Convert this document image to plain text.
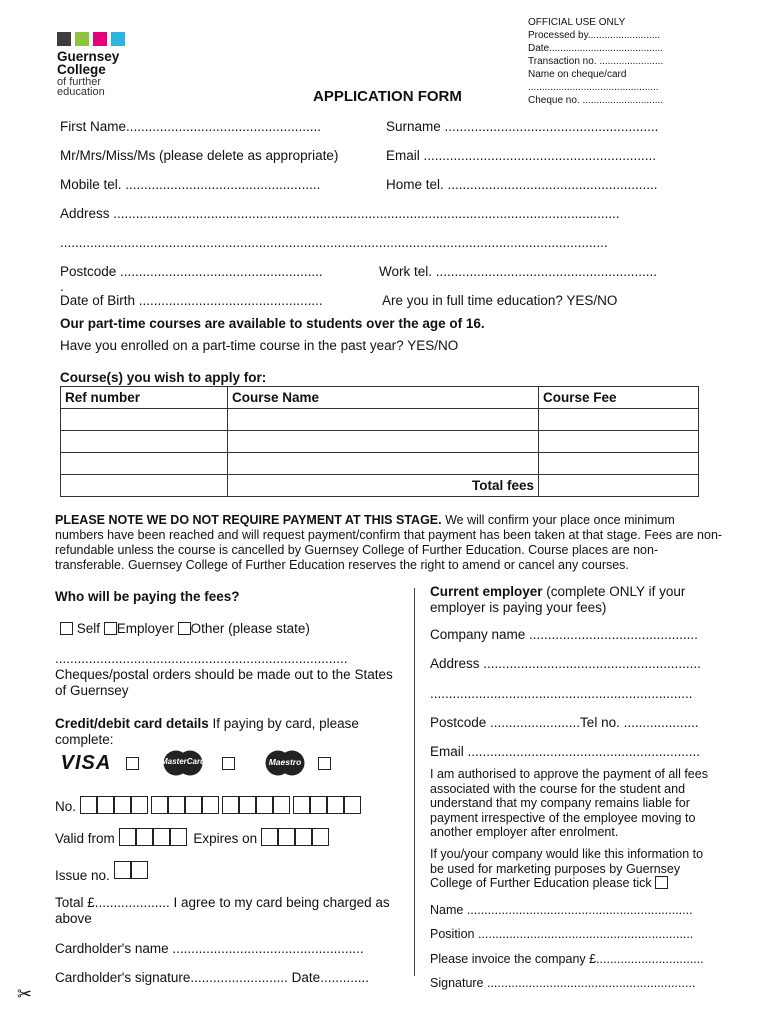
Guernsey
College
of further
education
OFFICIAL USE ONLY
Processed by..........................
Date.........................................
Transaction no. .......................
Name on cheque/card
...............................................
Cheque no. .............................
APPLICATION FORM
First Name....................................................	Surname .........................................................
Mr/Mrs/Miss/Ms (please delete as appropriate)	Email ..............................................................
Mobile tel. ....................................................	Home tel. ........................................................
Address .......................................................................................................................................
..................................................................................................................................................
Postcode ......................................................	Work tel. ...........................................................
.
Date of Birth .................................................	Are you in full time education? YES/NO
Our part-time courses are available to students over the age of 16.
Have you enrolled on a part-time course in the past year? YES/NO
Course(s) you wish to apply for:
Ref number	Course Name	Course Fee

	Total fees	
PLEASE NOTE WE DO NOT REQUIRE PAYMENT AT THIS STAGE. We will confirm your place once minimum numbers have been reached and will request payment/confirm that payment has been taken at that stage. Fees are non-refundable unless the course is cancelled by Guernsey College of Further Education. Course places are non-transferable. Guernsey College of Further Education reserves the right to amend or cancel any courses.
Who will be paying the fees?
Self Employer Other (please state)
..............................................................................
Cheques/postal orders should be made out to the States of Guernsey
Credit/debit card details If paying by card, please complete:
VISA	MasterCard	Maestro
No.
Valid from	Expires on
Issue no.
Total £.................... I agree to my card being charged as above
Cardholder's name ...................................................
Cardholder's signature.......................... Date.............
✂
Current employer (complete ONLY if your employer is paying your fees)
Company name .............................................
Address ..........................................................
......................................................................
Postcode ........................Tel no. ....................
Email ..............................................................
I am authorised to approve the payment of all fees associated with the course for the student and understand that my company remains liable for payment irrespective of the employee moving to another employer after enrolment.
If you/your company would like this information to be used for marketing purposes by Guernsey College of Further Education please tick
Name .................................................................
Position ..............................................................
Please invoice the company £...............................
Signature ............................................................
